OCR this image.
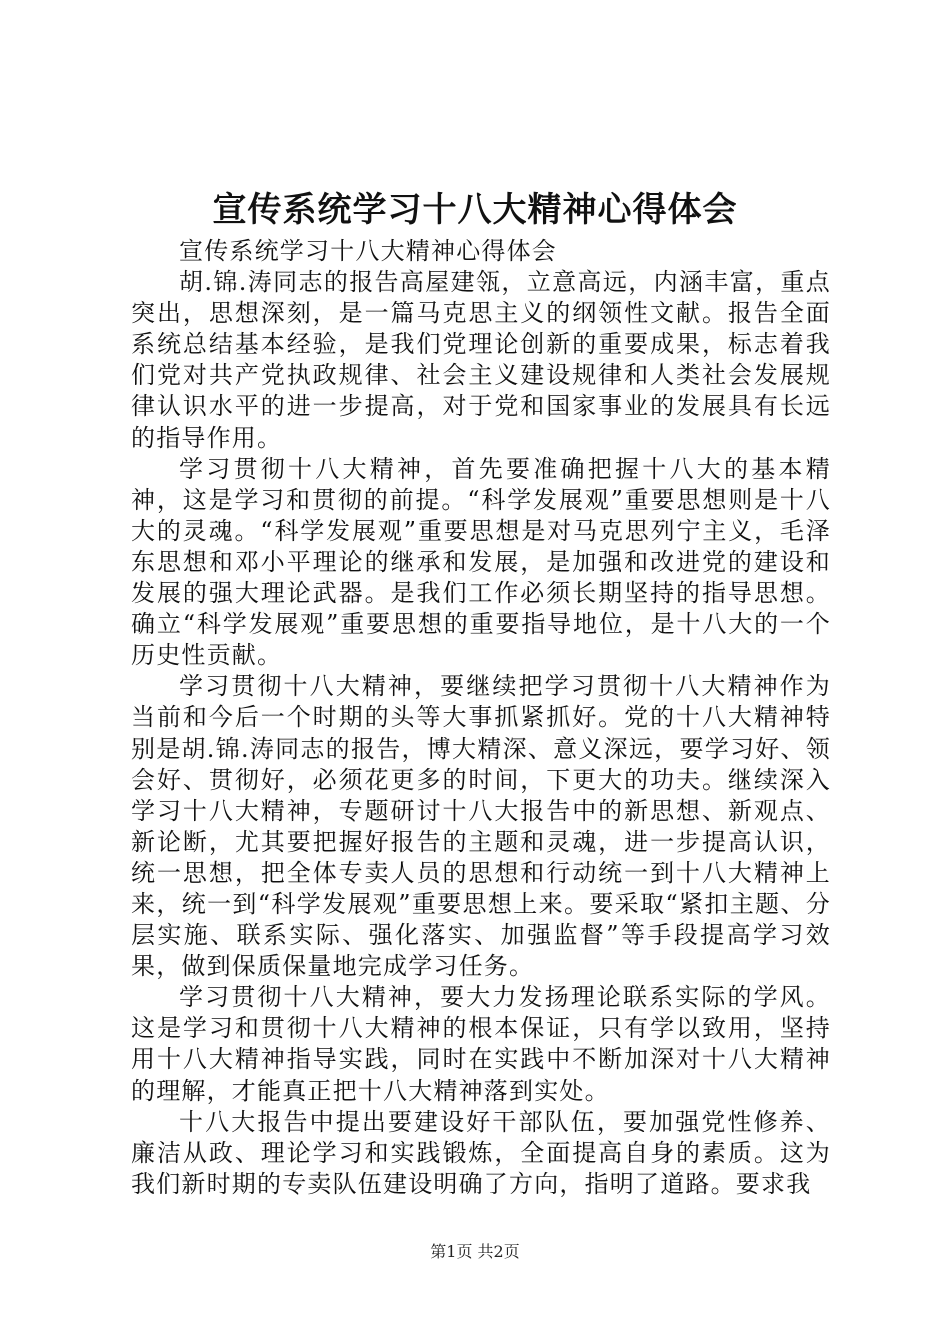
宣传系统学习十八大精神心得体会

宣传系统学习十八大精神心得体会

胡.锦.涛同志的报告高屋建瓴，立意高远，内涵丰富，重点突出，思想深刻，是一篇马克思主义的纲领性文献。报告全面系统总结基本经验，是我们党理论创新的重要成果，标志着我们党对共产党执政规律、社会主义建设规律和人类社会发展规律认识水平的进一步提高，对于党和国家事业的发展具有长远的指导作用。

学习贯彻十八大精神，首先要准确把握十八大的基本精神，这是学习和贯彻的前提。“科学发展观”重要思想则是十八大的灵魂。“科学发展观”重要思想是对马克思列宁主义，毛泽东思想和邓小平理论的继承和发展，是加强和改进党的建设和发展的强大理论武器。是我们工作必须长期坚持的指导思想。确立“科学发展观”重要思想的重要指导地位，是十八大的一个历史性贡献。

学习贯彻十八大精神，要继续把学习贯彻十八大精神作为当前和今后一个时期的头等大事抓紧抓好。党的十八大精神特别是胡.锦.涛同志的报告，博大精深、意义深远，要学习好、领会好、贯彻好，必须花更多的时间，下更大的功夫。继续深入学习十八大精神，专题研讨十八大报告中的新思想、新观点、新论断，尤其要把握好报告的主题和灵魂，进一步提高认识，统一思想，把全体专卖人员的思想和行动统一到十八大精神上来，统一到“科学发展观”重要思想上来。要采取“紧扣主题、分层实施、联系实际、强化落实、加强监督”等手段提高学习效果，做到保质保量地完成学习任务。

学习贯彻十八大精神，要大力发扬理论联系实际的学风。这是学习和贯彻十八大精神的根本保证，只有学以致用，坚持用十八大精神指导实践，同时在实践中不断加深对十八大精神的理解，才能真正把十八大精神落到实处。

十八大报告中提出要建设好干部队伍，要加强党性修养、廉洁从政、理论学习和实践锻炼，全面提高自身的素质。这为我们新时期的专卖队伍建设明确了方向，指明了道路。要求我

第1页 共2页
